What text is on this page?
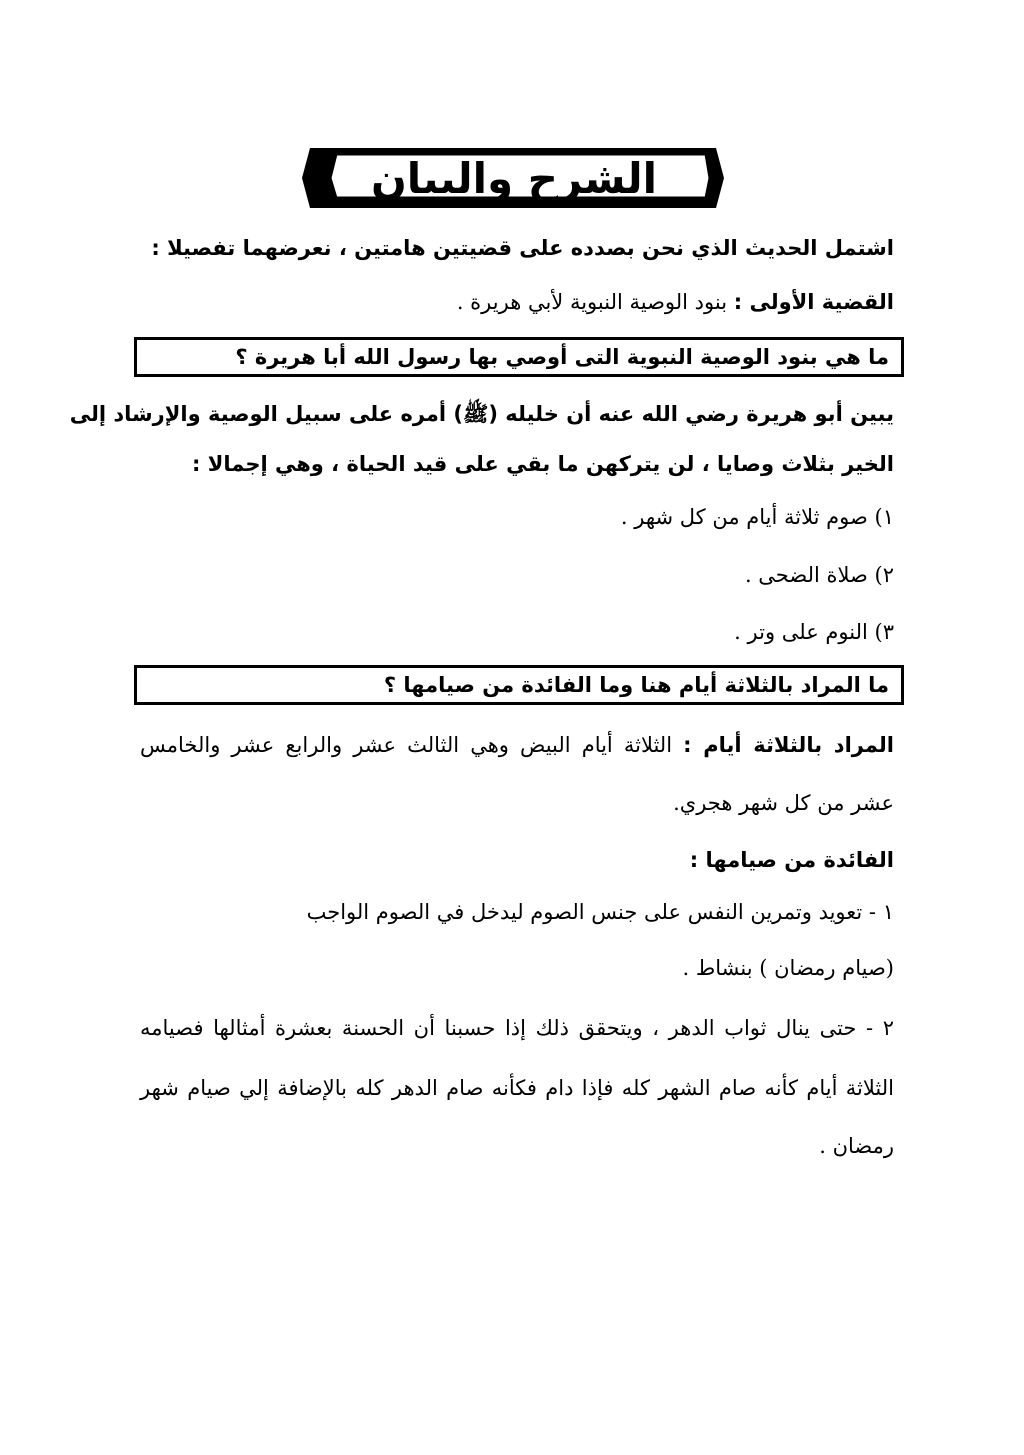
الشرح والبيان
اشتمل الحديث الذي نحن بصدده على قضيتين هامتين ، نعرضهما تفصيلا :
القضية الأولى : بنود الوصية النبوية لأبي هريرة .
ما هي بنود الوصية النبوية التى أوصي بها رسول الله أبا هريرة ؟
يبين أبو هريرة رضي الله عنه أن خليله (ﷺ) أمره على سبيل الوصية والإرشاد إلى
الخير بثلاث وصايا ، لن يتركهن ما بقي على قيد الحياة ، وهي إجمالا :
١) صوم ثلاثة أيام من كل شهر .
٢) صلاة الضحى .
٣) النوم على وتر .
ما المراد بالثلاثة أيام هنا وما الفائدة من صيامها ؟
المراد بالثلاثة أيام : الثلاثة أيام البيض وهي الثالث عشر والرابع عشر والخامس
عشر من كل شهر هجري.
الفائدة من صيامها :
١ - تعويد وتمرين النفس على جنس الصوم ليدخل في الصوم الواجب
(صيام رمضان ) بنشاط .
٢ - حتى ينال ثواب الدهر ، ويتحقق ذلك إذا حسبنا أن الحسنة بعشرة أمثالها فصيامه
الثلاثة أيام كأنه صام الشهر كله فإذا دام فكأنه صام الدهر كله بالإضافة إلي صيام شهر
رمضان .
